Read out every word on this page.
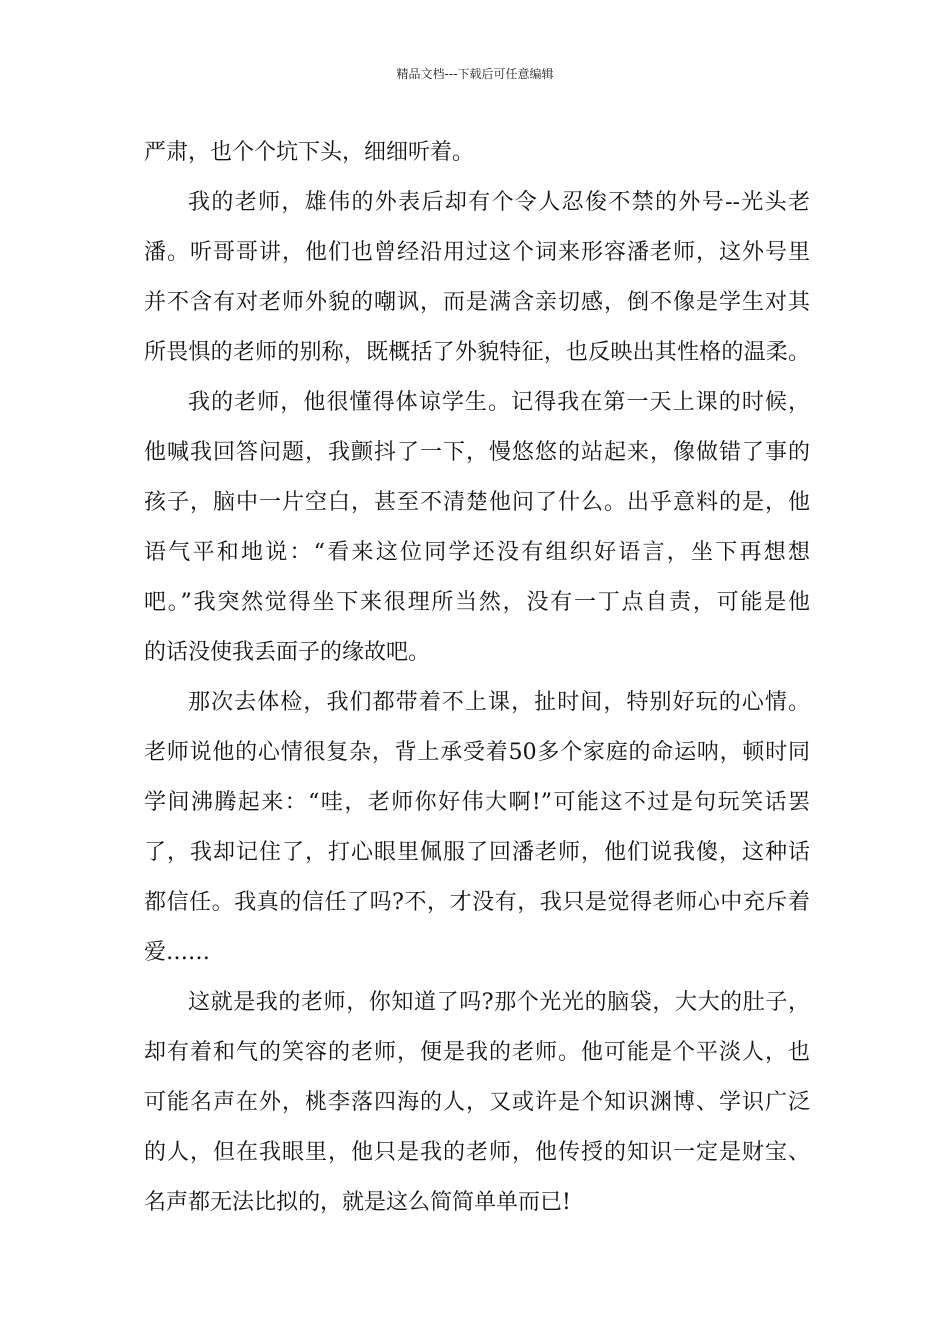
精品文档---下载后可任意编辑
严肃，也个个坑下头，细细听着。
我的老师，雄伟的外表后却有个令人忍俊不禁的外号--光头老
潘。听哥哥讲，他们也曾经沿用过这个词来形容潘老师，这外号里
并不含有对老师外貌的嘲讽，而是满含亲切感，倒不像是学生对其
所畏惧的老师的别称，既概括了外貌特征，也反映出其性格的温柔。
我的老师，他很懂得体谅学生。记得我在第一天上课的时候，
他喊我回答问题，我颤抖了一下，慢悠悠的站起来，像做错了事的
孩子，脑中一片空白，甚至不清楚他问了什么。出乎意料的是，他
语气平和地说：“看来这位同学还没有组织好语言，坐下再想想
吧。”我突然觉得坐下来很理所当然，没有一丁点自责，可能是他
的话没使我丢面子的缘故吧。
那次去体检，我们都带着不上课，扯时间，特别好玩的心情。
老师说他的心情很复杂，背上承受着50多个家庭的命运呐，顿时同
学间沸腾起来：“哇，老师你好伟大啊!”可能这不过是句玩笑话罢
了，我却记住了，打心眼里佩服了回潘老师，他们说我傻，这种话
都信任。我真的信任了吗?不，才没有，我只是觉得老师心中充斥着
爱……
这就是我的老师，你知道了吗?那个光光的脑袋，大大的肚子，
却有着和气的笑容的老师，便是我的老师。他可能是个平淡人，也
可能名声在外，桃李落四海的人，又或许是个知识渊博、学识广泛
的人，但在我眼里，他只是我的老师，他传授的知识一定是财宝、
名声都无法比拟的，就是这么简简单单而已!
